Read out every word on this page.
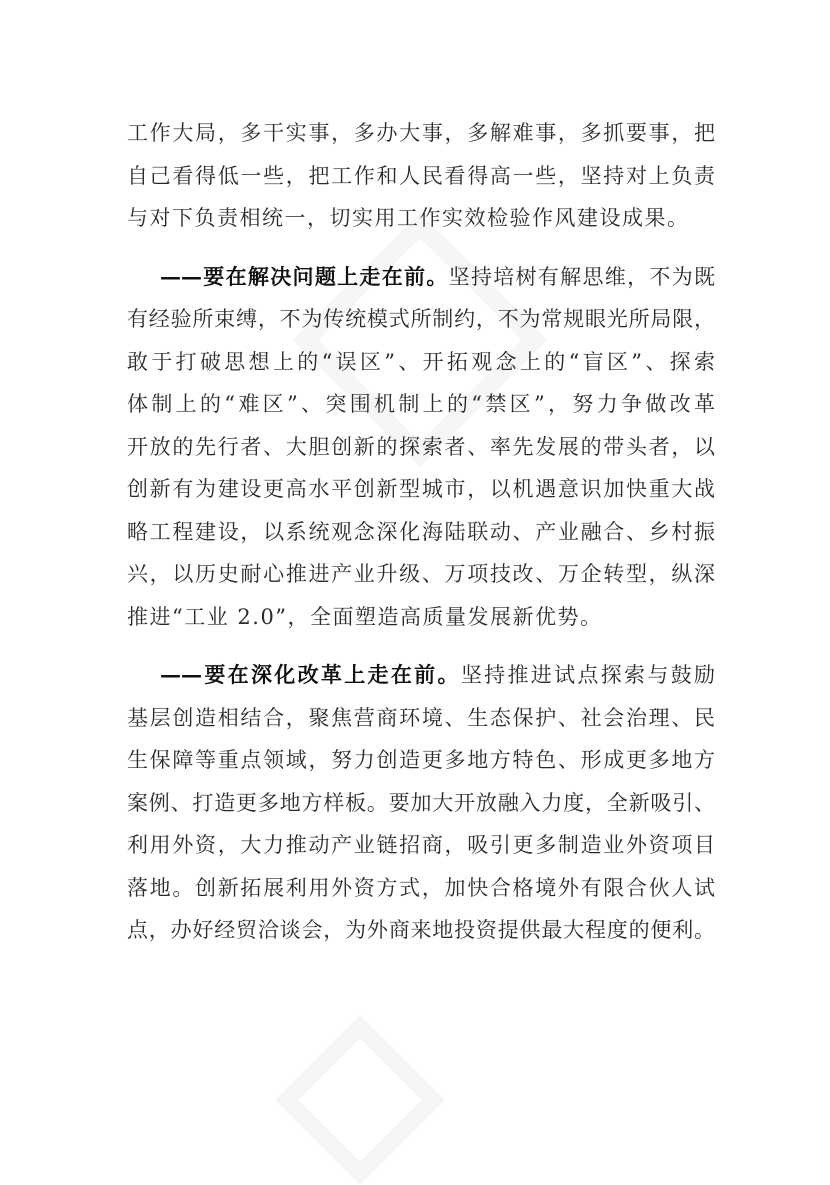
工作大局，多干实事，多办大事，多解难事，多抓要事，把
自己看得低一些，把工作和人民看得高一些，坚持对上负责
与对下负责相统一，切实用工作实效检验作风建设成果。

——要在解决问题上走在前。坚持培树有解思维，不为既
有经验所束缚，不为传统模式所制约，不为常规眼光所局限，
敢于打破思想上的“误区”、开拓观念上的“盲区”、探索
体制上的“难区”、突围机制上的“禁区”，努力争做改革
开放的先行者、大胆创新的探索者、率先发展的带头者，以
创新有为建设更高水平创新型城市，以机遇意识加快重大战
略工程建设，以系统观念深化海陆联动、产业融合、乡村振
兴，以历史耐心推进产业升级、万项技改、万企转型，纵深
推进“工业 2.0”，全面塑造高质量发展新优势。

——要在深化改革上走在前。坚持推进试点探索与鼓励
基层创造相结合，聚焦营商环境、生态保护、社会治理、民
生保障等重点领域，努力创造更多地方特色、形成更多地方
案例、打造更多地方样板。要加大开放融入力度，全新吸引、
利用外资，大力推动产业链招商，吸引更多制造业外资项目
落地。创新拓展利用外资方式，加快合格境外有限合伙人试
点，办好经贸洽谈会，为外商来地投资提供最大程度的便利。
